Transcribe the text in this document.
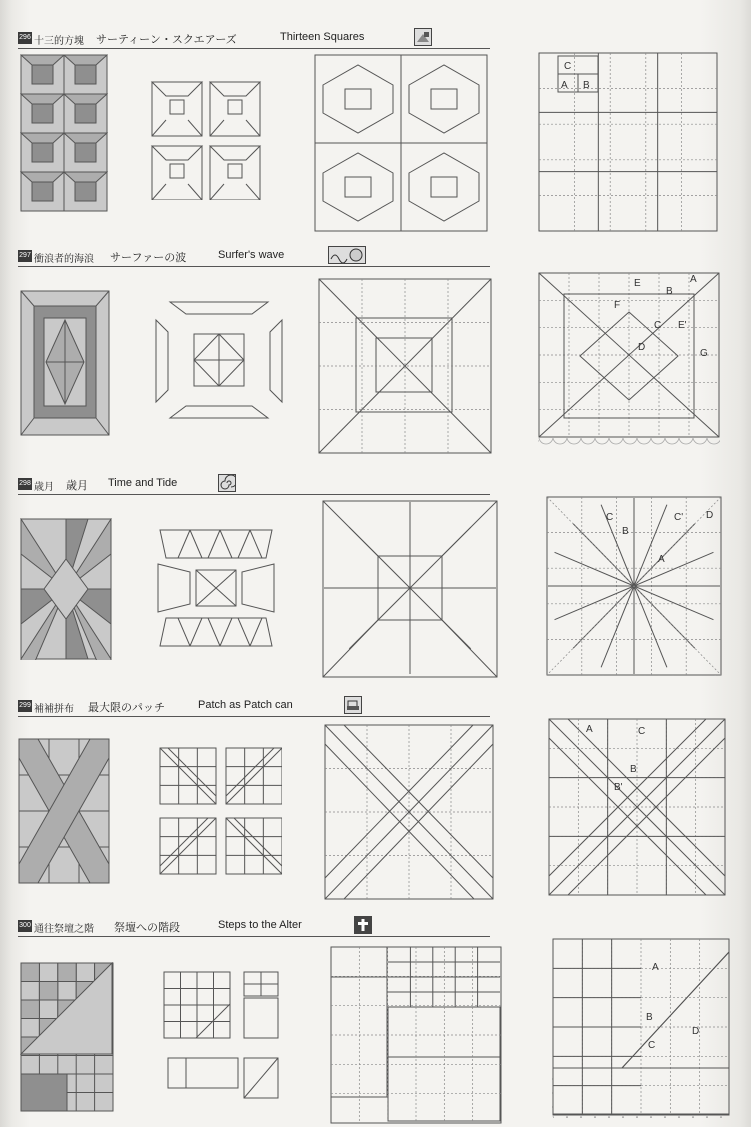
296 十三的方塊 サーティーン・スクエアーズ	Thirteen Squares
C
A B
297 衝浪者的海浪 サーファーの波	Surfer's wave
E
B
A
F
C E'
D
G
298 歳月 歳月 Time and Tide
C	C' D
B
A
299 補補拼布 最大限のパッチ	Patch as Patch can
A	C
B
B'
300 通往祭壇之階 祭壇への階段	Steps to the Alter
A
B
D
C
